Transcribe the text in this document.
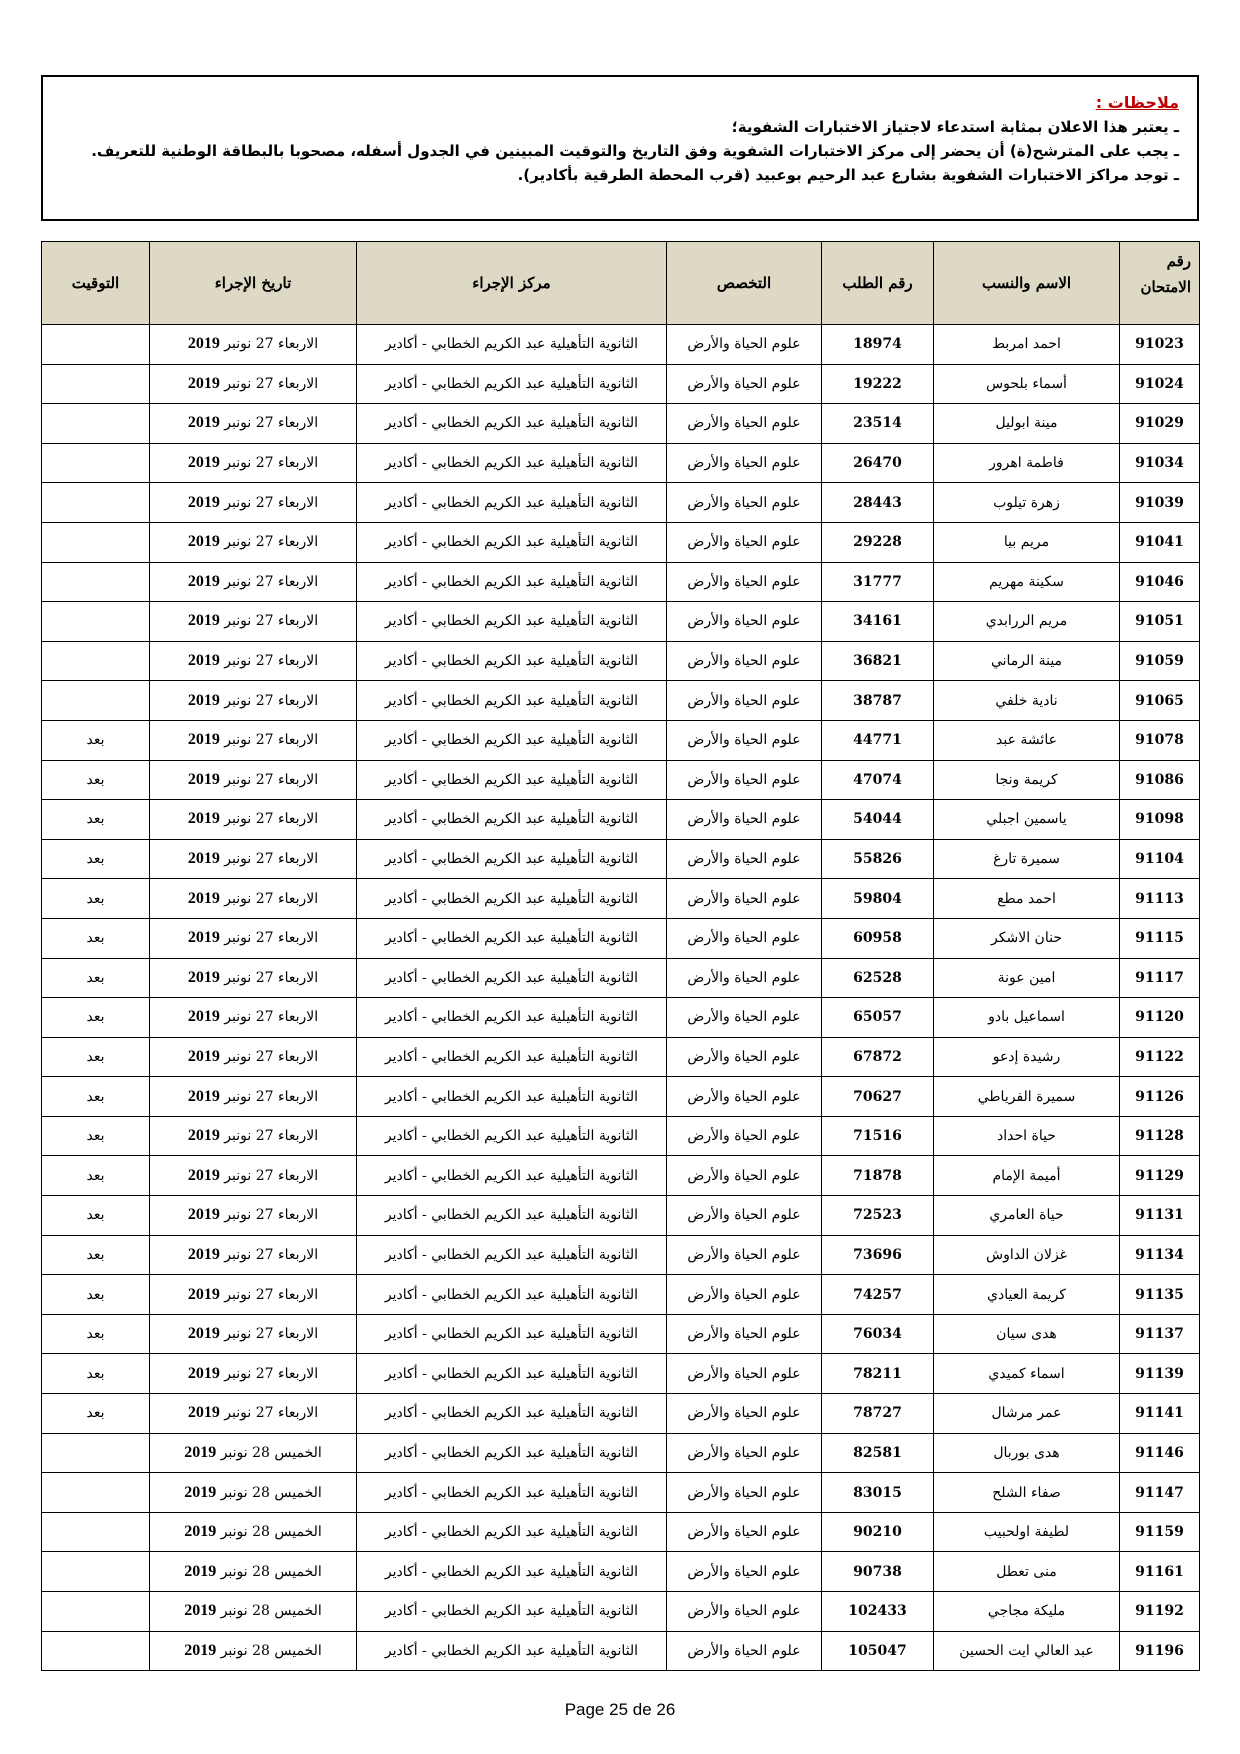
ملاحظات :

ـ يعتبر هذا الاعلان بمثابة استدعاء لاجتياز الاختبارات الشفوية؛

ـ يجب على المترشح(ة) أن يحضر إلى مركز الاختبارات الشفوية وفق التاريخ والتوقيت المبينين في الجدول أسفله، مصحوبا بالبطاقة الوطنية للتعريف.

ـ توجد مراكز الاختبارات الشفوية بشارع عبد الرحيم بوعبيد (قرب المحطة الطرقية بأكادير).

رقم الامتحان	الاسم والنسب	رقم الطلب	التخصص	مركز الإجراء	تاريخ الإجراء	التوقيت
91023	احمد امربط	18974	علوم الحياة والأرض	الثانوية التأهيلية عبد الكريم الخطابي - أكادير	الاربعاء 27 نونبر 2019	
91024	أسماء بلحوس	19222	علوم الحياة والأرض	الثانوية التأهيلية عبد الكريم الخطابي - أكادير	الاربعاء 27 نونبر 2019	
91029	مينة ابوليل	23514	علوم الحياة والأرض	الثانوية التأهيلية عبد الكريم الخطابي - أكادير	الاربعاء 27 نونبر 2019	
91034	فاطمة اهرور	26470	علوم الحياة والأرض	الثانوية التأهيلية عبد الكريم الخطابي - أكادير	الاربعاء 27 نونبر 2019	
91039	زهرة تيلوب	28443	علوم الحياة والأرض	الثانوية التأهيلية عبد الكريم الخطابي - أكادير	الاربعاء 27 نونبر 2019	
91041	مريم بيا	29228	علوم الحياة والأرض	الثانوية التأهيلية عبد الكريم الخطابي - أكادير	الاربعاء 27 نونبر 2019	
91046	سكينة مهريم	31777	علوم الحياة والأرض	الثانوية التأهيلية عبد الكريم الخطابي - أكادير	الاربعاء 27 نونبر 2019	
91051	مريم الررابدي	34161	علوم الحياة والأرض	الثانوية التأهيلية عبد الكريم الخطابي - أكادير	الاربعاء 27 نونبر 2019	
91059	مينة الرماني	36821	علوم الحياة والأرض	الثانوية التأهيلية عبد الكريم الخطابي - أكادير	الاربعاء 27 نونبر 2019	
91065	نادية خلفي	38787	علوم الحياة والأرض	الثانوية التأهيلية عبد الكريم الخطابي - أكادير	الاربعاء 27 نونبر 2019	
91078	عائشة عبد	44771	علوم الحياة والأرض	الثانوية التأهيلية عبد الكريم الخطابي - أكادير	الاربعاء 27 نونبر 2019	بعد
91086	كريمة ونجا	47074	علوم الحياة والأرض	الثانوية التأهيلية عبد الكريم الخطابي - أكادير	الاربعاء 27 نونبر 2019	بعد
91098	ياسمين اجبلي	54044	علوم الحياة والأرض	الثانوية التأهيلية عبد الكريم الخطابي - أكادير	الاربعاء 27 نونبر 2019	بعد
91104	سميرة تارغ	55826	علوم الحياة والأرض	الثانوية التأهيلية عبد الكريم الخطابي - أكادير	الاربعاء 27 نونبر 2019	بعد
91113	احمد مطع	59804	علوم الحياة والأرض	الثانوية التأهيلية عبد الكريم الخطابي - أكادير	الاربعاء 27 نونبر 2019	بعد
91115	حنان الاشكر	60958	علوم الحياة والأرض	الثانوية التأهيلية عبد الكريم الخطابي - أكادير	الاربعاء 27 نونبر 2019	بعد
91117	امين عونة	62528	علوم الحياة والأرض	الثانوية التأهيلية عبد الكريم الخطابي - أكادير	الاربعاء 27 نونبر 2019	بعد
91120	اسماعيل بادو	65057	علوم الحياة والأرض	الثانوية التأهيلية عبد الكريم الخطابي - أكادير	الاربعاء 27 نونبر 2019	بعد
91122	رشيدة إدعو	67872	علوم الحياة والأرض	الثانوية التأهيلية عبد الكريم الخطابي - أكادير	الاربعاء 27 نونبر 2019	بعد
91126	سميرة الفرياطي	70627	علوم الحياة والأرض	الثانوية التأهيلية عبد الكريم الخطابي - أكادير	الاربعاء 27 نونبر 2019	بعد
91128	حياة احداد	71516	علوم الحياة والأرض	الثانوية التأهيلية عبد الكريم الخطابي - أكادير	الاربعاء 27 نونبر 2019	بعد
91129	أميمة الإمام	71878	علوم الحياة والأرض	الثانوية التأهيلية عبد الكريم الخطابي - أكادير	الاربعاء 27 نونبر 2019	بعد
91131	حياة العامري	72523	علوم الحياة والأرض	الثانوية التأهيلية عبد الكريم الخطابي - أكادير	الاربعاء 27 نونبر 2019	بعد
91134	غزلان الداوش	73696	علوم الحياة والأرض	الثانوية التأهيلية عبد الكريم الخطابي - أكادير	الاربعاء 27 نونبر 2019	بعد
91135	كريمة العيادي	74257	علوم الحياة والأرض	الثانوية التأهيلية عبد الكريم الخطابي - أكادير	الاربعاء 27 نونبر 2019	بعد
91137	هدى سيان	76034	علوم الحياة والأرض	الثانوية التأهيلية عبد الكريم الخطابي - أكادير	الاربعاء 27 نونبر 2019	بعد
91139	اسماء كميدي	78211	علوم الحياة والأرض	الثانوية التأهيلية عبد الكريم الخطابي - أكادير	الاربعاء 27 نونبر 2019	بعد
91141	عمر مرشال	78727	علوم الحياة والأرض	الثانوية التأهيلية عبد الكريم الخطابي - أكادير	الاربعاء 27 نونبر 2019	بعد
91146	هدى بوربال	82581	علوم الحياة والأرض	الثانوية التأهيلية عبد الكريم الخطابي - أكادير	الخميس 28 نونبر 2019	
91147	صفاء الشلح	83015	علوم الحياة والأرض	الثانوية التأهيلية عبد الكريم الخطابي - أكادير	الخميس 28 نونبر 2019	
91159	لطيفة اولحبيب	90210	علوم الحياة والأرض	الثانوية التأهيلية عبد الكريم الخطابي - أكادير	الخميس 28 نونبر 2019	
91161	منى تعطل	90738	علوم الحياة والأرض	الثانوية التأهيلية عبد الكريم الخطابي - أكادير	الخميس 28 نونبر 2019	
91192	مليكة مجاجي	102433	علوم الحياة والأرض	الثانوية التأهيلية عبد الكريم الخطابي - أكادير	الخميس 28 نونبر 2019	
91196	عبد العالي ايت الحسين	105047	علوم الحياة والأرض	الثانوية التأهيلية عبد الكريم الخطابي - أكادير	الخميس 28 نونبر 2019	
Page 25 de 26
